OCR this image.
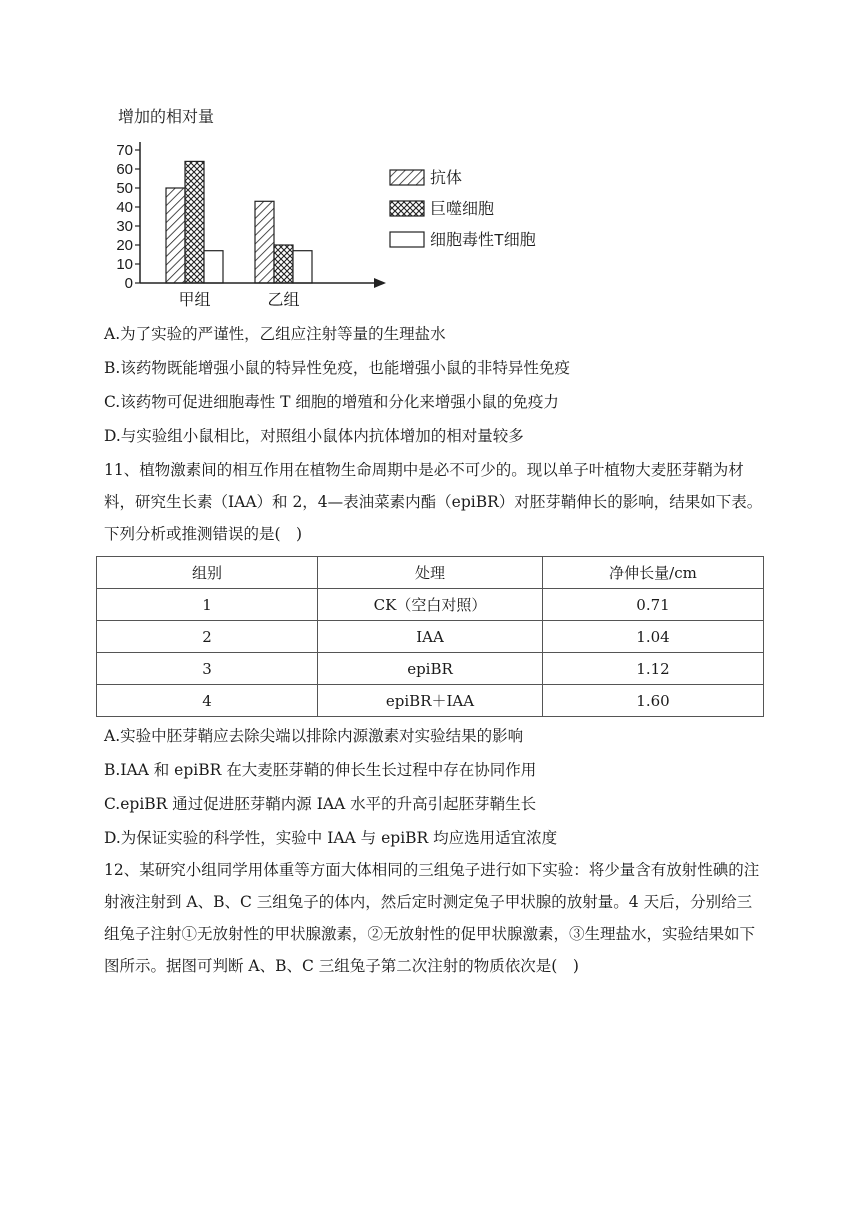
增加的相对量
0
10
20
30
40
50
60
70
甲组	乙组
抗体
巨噬细胞
细胞毒性T细胞
A.为了实验的严谨性，乙组应注射等量的生理盐水
B.该药物既能增强小鼠的特异性免疫，也能增强小鼠的非特异性免疫
C.该药物可促进细胞毒性 T 细胞的增殖和分化来增强小鼠的免疫力
D.与实验组小鼠相比，对照组小鼠体内抗体增加的相对量较多
11、植物激素间的相互作用在植物生命周期中是必不可少的。现以单子叶植物大麦胚芽鞘为材料，研究生长素（IAA）和 2，4—表油菜素内酯（epiBR）对胚芽鞘伸长的影响，结果如下表。下列分析或推测错误的是(　)
组别	处理	净伸长量/cm
1	CK（空白对照）	0.71
2	IAA	1.04
3	epiBR	1.12
4	epiBR＋IAA	1.60
A.实验中胚芽鞘应去除尖端以排除内源激素对实验结果的影响
B.IAA 和 epiBR 在大麦胚芽鞘的伸长生长过程中存在协同作用
C.epiBR 通过促进胚芽鞘内源 IAA 水平的升高引起胚芽鞘生长
D.为保证实验的科学性，实验中 IAA 与 epiBR 均应选用适宜浓度
12、某研究小组同学用体重等方面大体相同的三组兔子进行如下实验：将少量含有放射性碘的注射液注射到 A、B、C 三组兔子的体内，然后定时测定兔子甲状腺的放射量。4 天后，分别给三组兔子注射①无放射性的甲状腺激素，②无放射性的促甲状腺激素，③生理盐水，实验结果如下图所示。据图可判断 A、B、C 三组兔子第二次注射的物质依次是(　)
